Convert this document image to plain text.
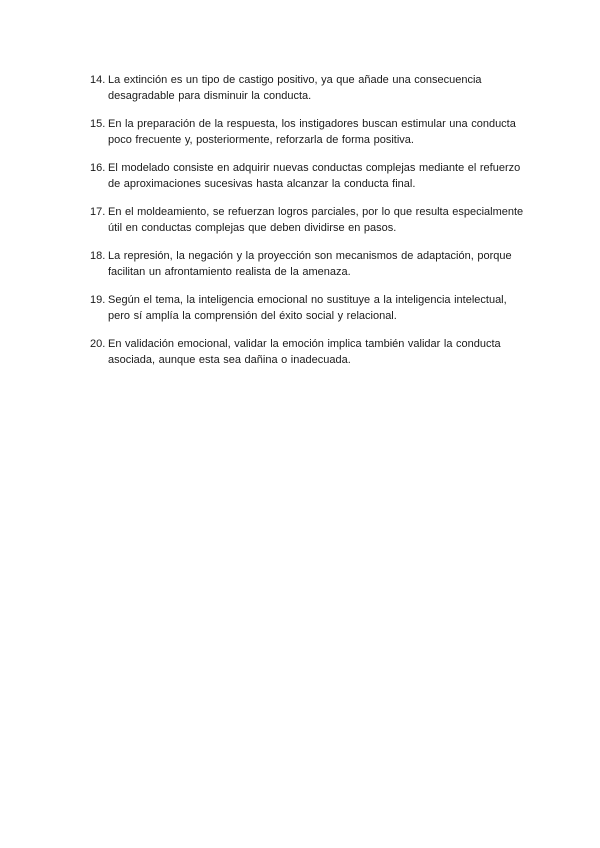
14. La extinción es un tipo de castigo positivo, ya que añade una consecuencia desagradable para disminuir la conducta.
15. En la preparación de la respuesta, los instigadores buscan estimular una conducta poco frecuente y, posteriormente, reforzarla de forma positiva.
16. El modelado consiste en adquirir nuevas conductas complejas mediante el refuerzo de aproximaciones sucesivas hasta alcanzar la conducta final.
17. En el moldeamiento, se refuerzan logros parciales, por lo que resulta especialmente útil en conductas complejas que deben dividirse en pasos.
18. La represión, la negación y la proyección son mecanismos de adaptación, porque facilitan un afrontamiento realista de la amenaza.
19. Según el tema, la inteligencia emocional no sustituye a la inteligencia intelectual, pero sí amplía la comprensión del éxito social y relacional.
20. En validación emocional, validar la emoción implica también validar la conducta asociada, aunque esta sea dañina o inadecuada.
